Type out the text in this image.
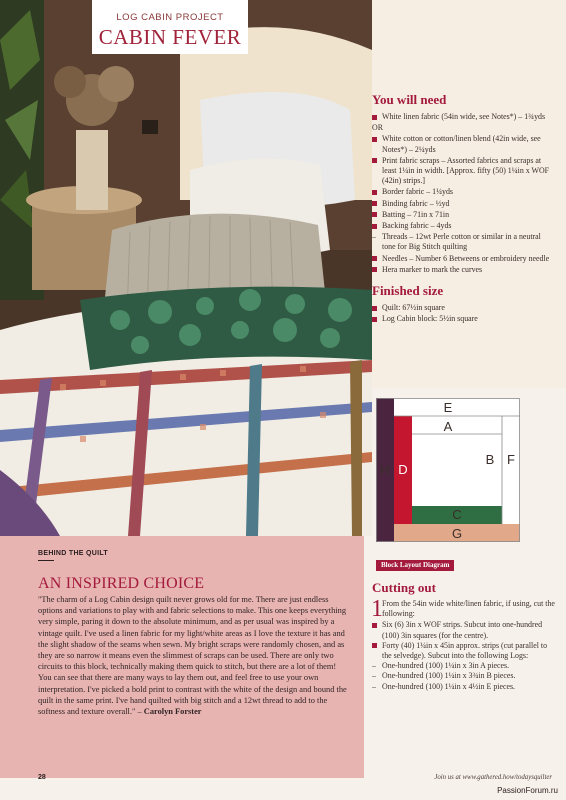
LOG CABIN PROJECT
CABIN FEVER
You will need
White linen fabric (54in wide, see Notes*) – 1¾yds
OR
White cotton or cotton/linen blend (42in wide, see Notes*) – 2¼yds
Print fabric scraps – Assorted fabrics and scraps at least 1¼in in width. [Approx. fifty (50) 1¼in x WOF (42in) strips.]
Border fabric – 1¼yds
Binding fabric – ½yd
Batting – 71in x 71in
Backing fabric – 4yds
– Threads – 12wt Perle cotton or similar in a neutral tone for Big Stitch quilting
Needles – Number 6 Betweens or embroidery needle
Hera marker to mark the curves
Finished size
Quilt: 67½in square
Log Cabin block: 5½in square
E
A
H D
B F
C
G
Block Layout Diagram
BEHIND THE QUILT
AN INSPIRED CHOICE

"The charm of a Log Cabin design quilt never grows old for me. There are just endless options and variations to play with and fabric selections to make. This one keeps everything very simple, paring it down to the absolute minimum, and as per usual was inspired by a vintage quilt. I've used a linen fabric for my light/white areas as I love the texture it has and the slight shadow of the seams when sewn. My bright scraps were randomly chosen, and as they are so narrow it means even the slimmest of scraps can be used. There are only two circuits to this block, technically making them quick to stitch, but there are a lot of them! You can see that there are many ways to lay them out, and feel free to use your own interpretation. I've picked a bold print to contrast with the white of the design and bound the quilt in the same print. I've hand quilted with big stitch and a 12wt thread to add to the softness and texture overall." – Carolyn Forster

Cutting out
1 From the 54in wide white/linen fabric, if using, cut the following:
Six (6) 3in x WOF strips. Subcut into one-hundred (100) 3in squares (for the centre).
Forty (40) 1¼in x 45in approx. strips (cut parallel to the selvedge). Subcut into the following Logs:
– One-hundred (100) 1¼in x 3in A pieces.
– One-hundred (100) 1¼in x 3¾in B pieces.
– One-hundred (100) 1¼in x 4½in E pieces.
28	Join us at www.gathered.how/todaysquilter
PassionForum.ru
